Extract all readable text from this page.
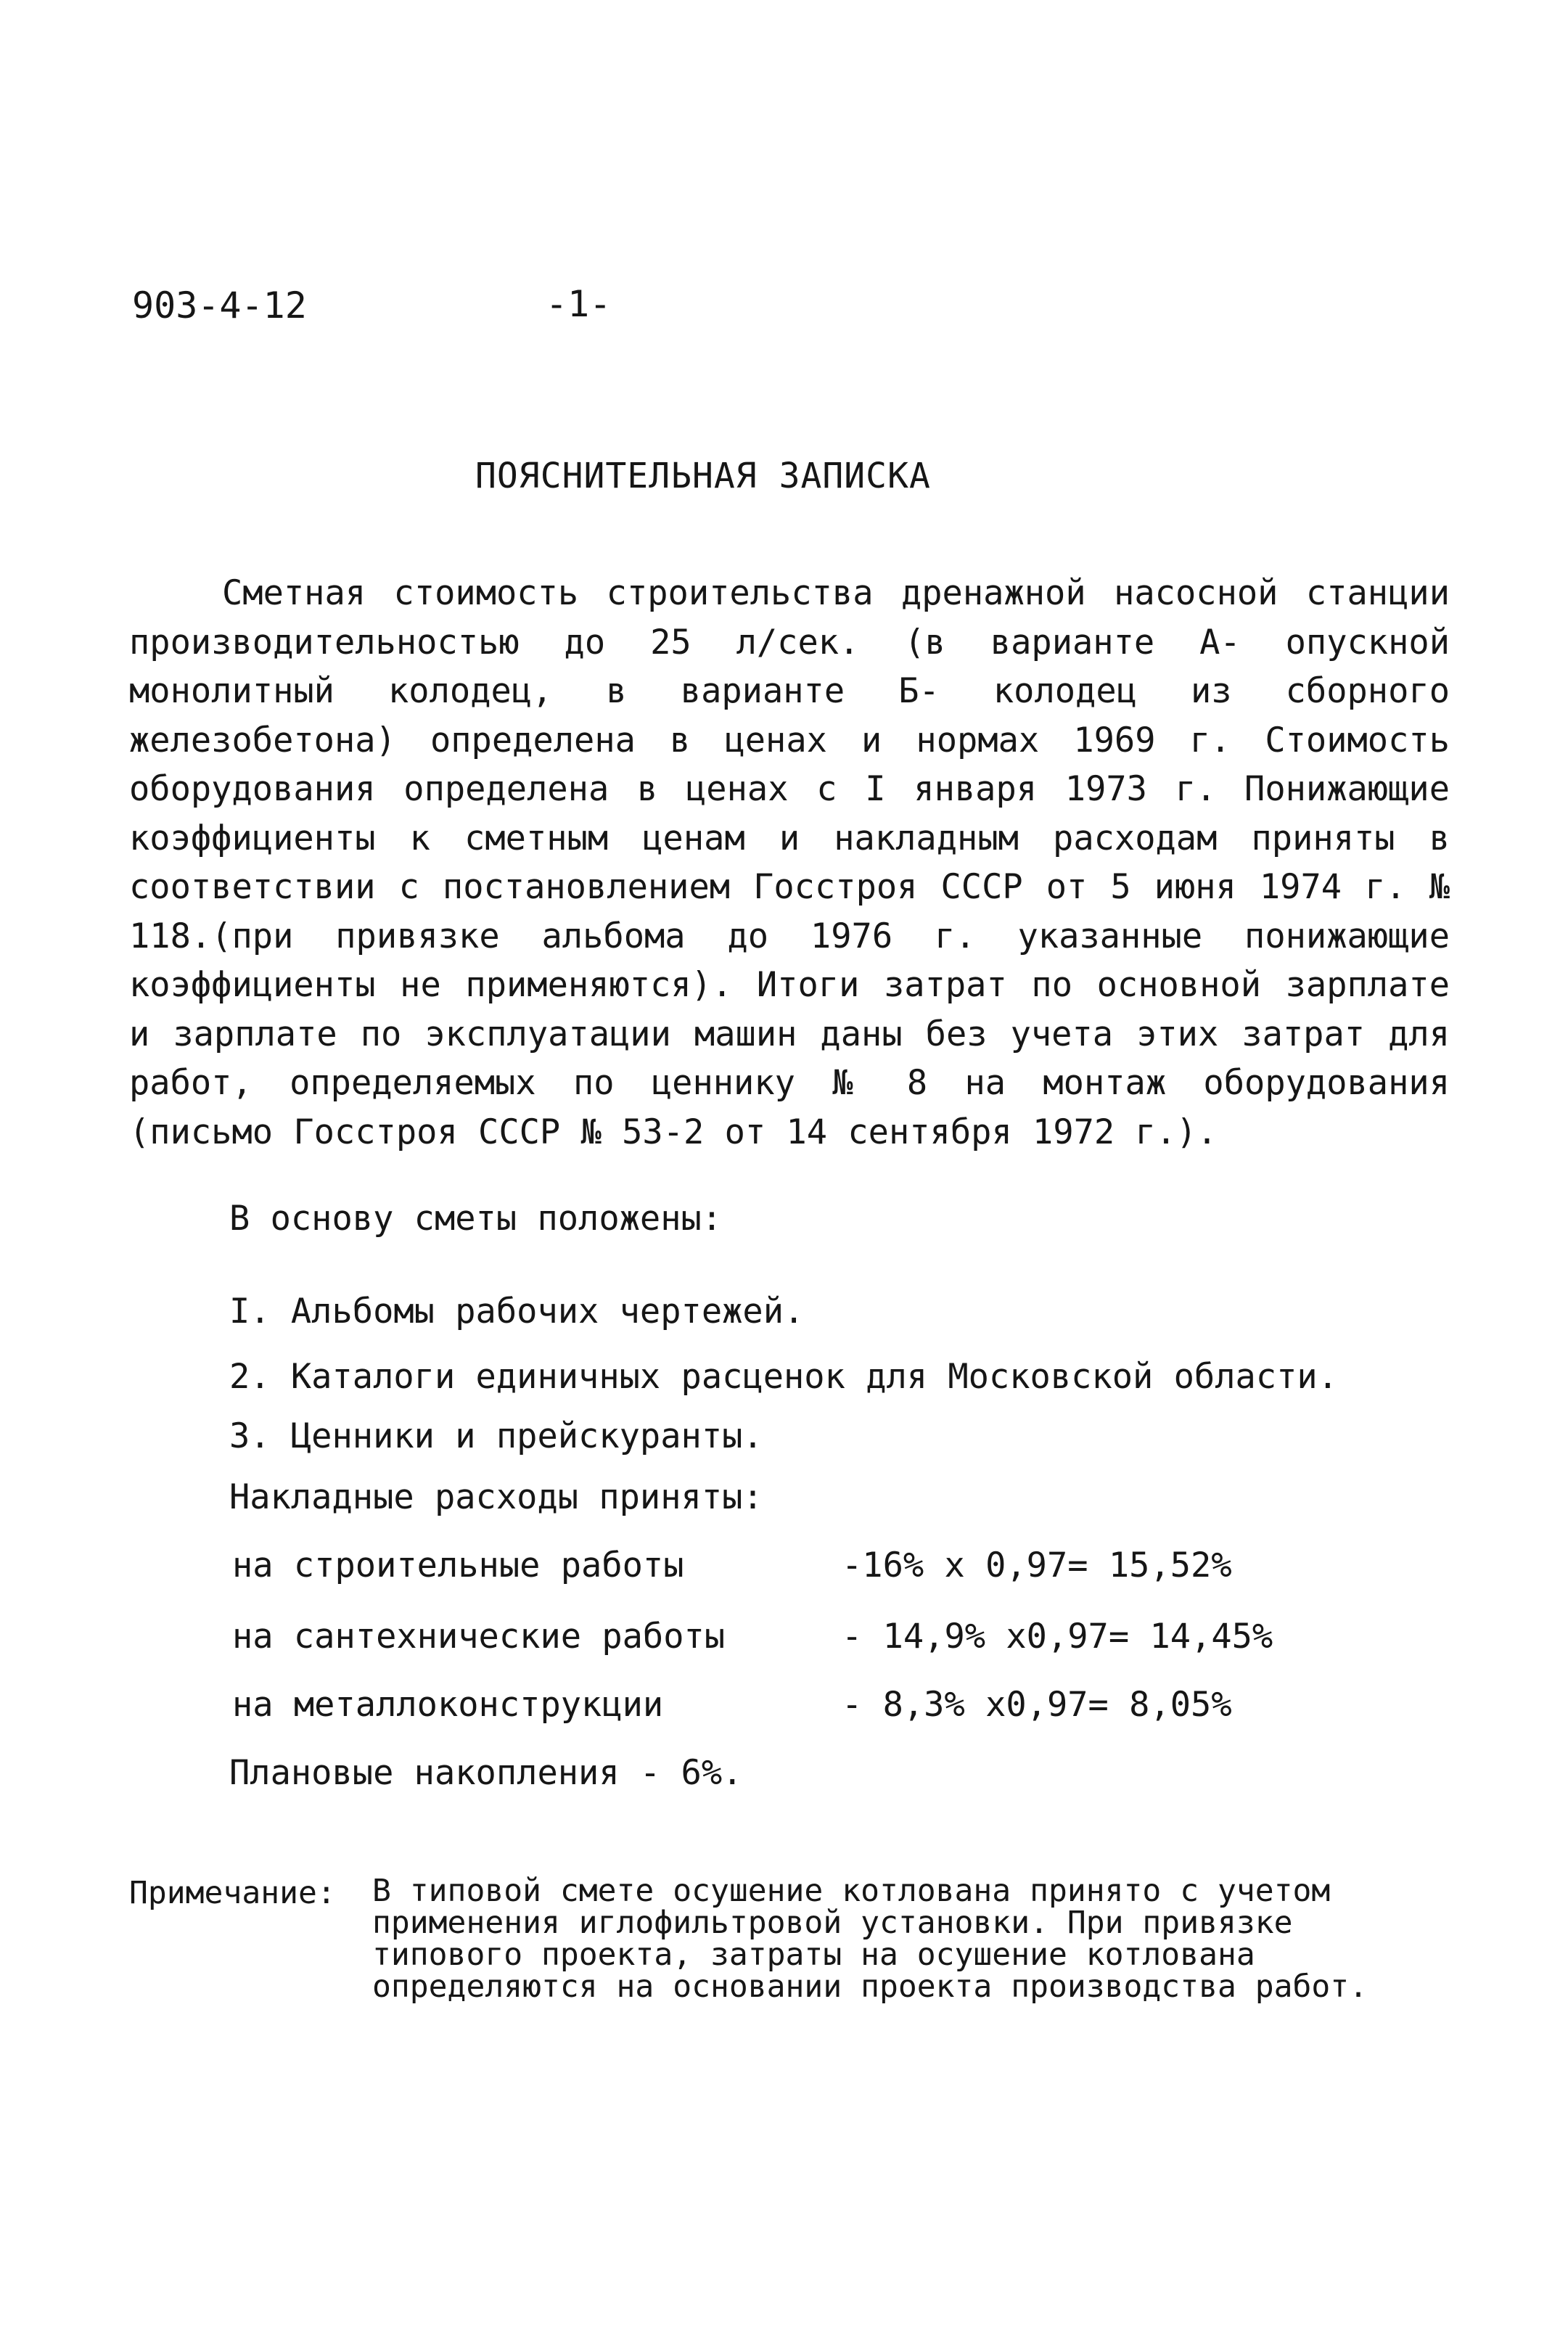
903-4-12	-1-
ПОЯСНИТЕЛЬНАЯ ЗАПИСКА

Сметная стоимость строительства дренажной насосной станции производительностью до 25 л/сек. (в варианте А- опускной монолитный колодец, в варианте Б- колодец из сборного железобетона) определена в ценах и нормах 1969 г. Стоимость оборудования определена в ценах с I января 1973 г. Понижающие коэффициенты к сметным ценам и накладным расходам приняты в соответствии с постановлением Госстроя СССР от 5 июня 1974 г. № 118.(при привязке альбома до 1976 г. указанные понижающие коэффициенты не применяются). Итоги затрат по основной зарплате и зарплате по эксплуатации машин даны без учета этих затрат для работ, определяемых по ценнику № 8 на монтаж оборудования (письмо Госстроя СССР № 53-2 от 14 сентября 1972 г.).

В основу сметы положены:
I. Альбомы рабочих чертежей.
2. Каталоги единичных расценок для Московской области.
3. Ценники и прейскуранты.
Накладные расходы приняты:
на строительные работы	-16% x 0,97= 15,52%
на сантехнические работы	- 14,9% x0,97= 14,45%
на металлоконструкции	- 8,3% x0,97= 8,05%
Плановые накопления - 6%.
Примечание: В типовой смете осушение котлована принято с учетом применения иглофильтровой установки. При привязке типового проекта, затраты на осушение котлована определяются на основании проекта производства работ.
